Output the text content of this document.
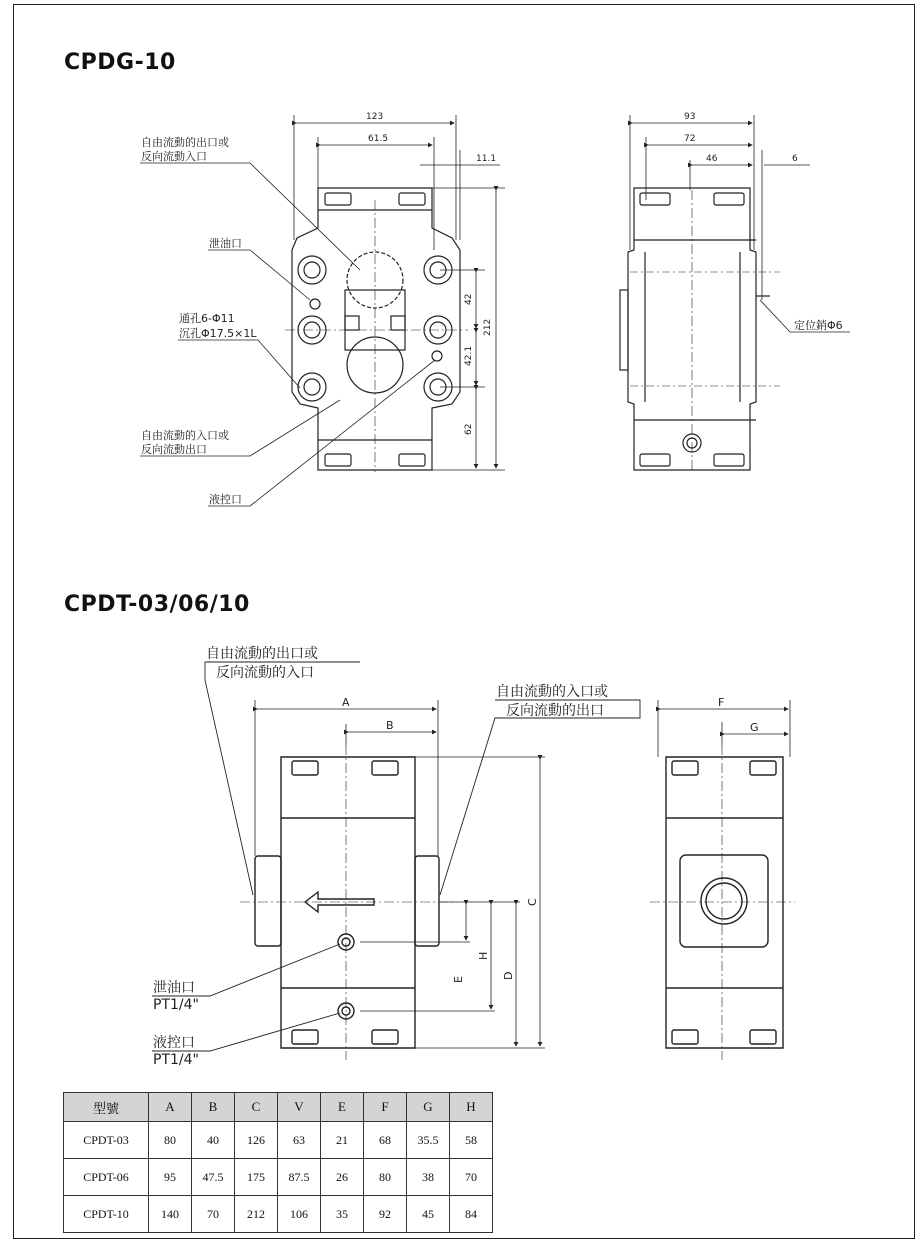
CPDG-10
CPDT-03/06/10
123
61.5
11.1
212
42
42.1
62
自由流動的出口或
反向流動入口
泄油口
通孔6-Φ11
沉孔Φ17.5×1L
自由流動的入口或
反向流動出口
液控口
93
72
46	6
定位銷Φ6
A
B
C
D
E
H
自由流動的出口或
反向流動的入口
自由流動的入口或
反向流動的出口
泄油口
PT1/4"
液控口
PT1/4"
F
G
型號	A	B	C	V	E	F	G	H
CPDT-03	80	40	126	63	21	68	35.5	58
CPDT-06	95	47.5	175	87.5	26	80	38	70
CPDT-10	140	70	212	106	35	92	45	84
